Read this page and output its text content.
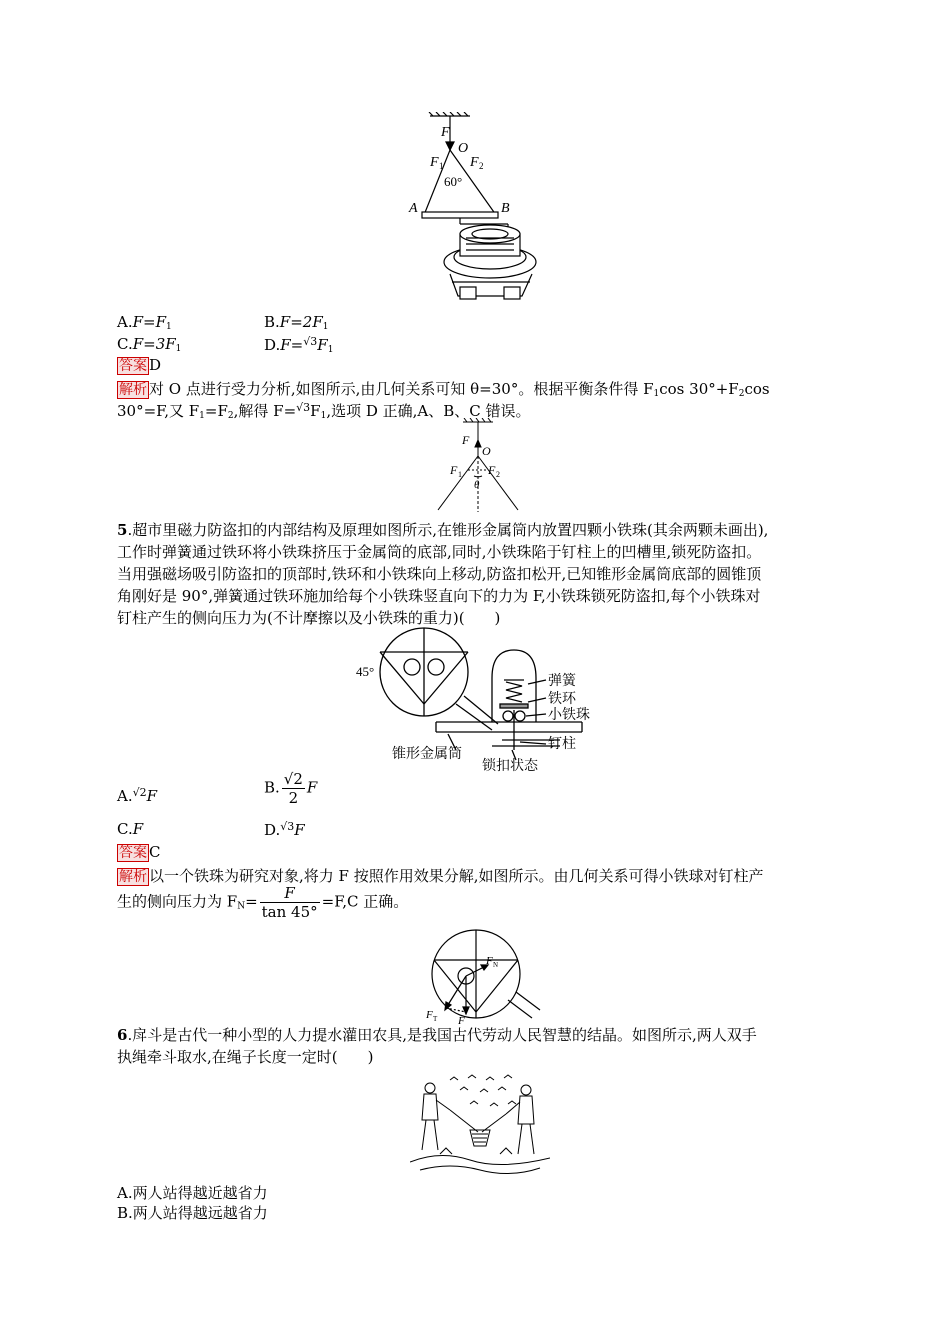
F
O
F 1 F 2
60°
A	B
$A.F=F_1$	$B.F=2F_1$
$C.F=3F_1$	$D.F=^{√3}F_1$
答案 D
解析 对 O 点进行受力分析,如图所示,由几何关系可知 θ=30°。根据平衡条件得 $F_1\cos$ $30^\circ+F_2\cos$
30°=F,又 $F_1=F_2$,解得 $F=^{√3}F_1$,选项 D 正确,A、B、C 错误。
F
O
F 1 F 2
θ
5.超市里磁力防盗扣的内部结构及原理如图所示,在锥形金属筒内放置四颗小铁珠(其余两颗未画出),
工作时弹簧通过铁环将小铁珠挤压于金属筒的底部,同时,小铁珠陷于钉柱上的凹槽里,锁死防盗扣。
当用强磁场吸引防盗扣的顶部时,铁环和小铁珠向上移动,防盗扣松开,已知锥形金属筒底部的圆锥顶
角刚好是 90°,弹簧通过铁环施加给每个小铁珠竖直向下的力为 F,小铁珠锁死防盗扣,每个小铁珠对
钉柱产生的侧向压力为(不计摩擦以及小铁珠的重力)(　　)
45°
弹簧
铁环
小铁珠
钉柱
锥形金属筒
锁扣状态
A.$^{√2}$F	B. $\frac{√2}{2}$ F
C.F	D.$^{√3}$F
答案 C
解析 以一个铁珠为研究对象,将力 F 按照作用效果分解,如图所示。由几何关系可得小铁球对钉柱产
生的侧向压力为 $F_N= \frac{F}{\tan 45^\circ} =F,C$ 正确。
F N
F T F
6.戽斗是古代一种小型的人力提水灌田农具,是我国古代劳动人民智慧的结晶。如图所示,两人双手
执绳牵斗取水,在绳子长度一定时(　　)
A.两人站得越近越省力
B.两人站得越远越省力
